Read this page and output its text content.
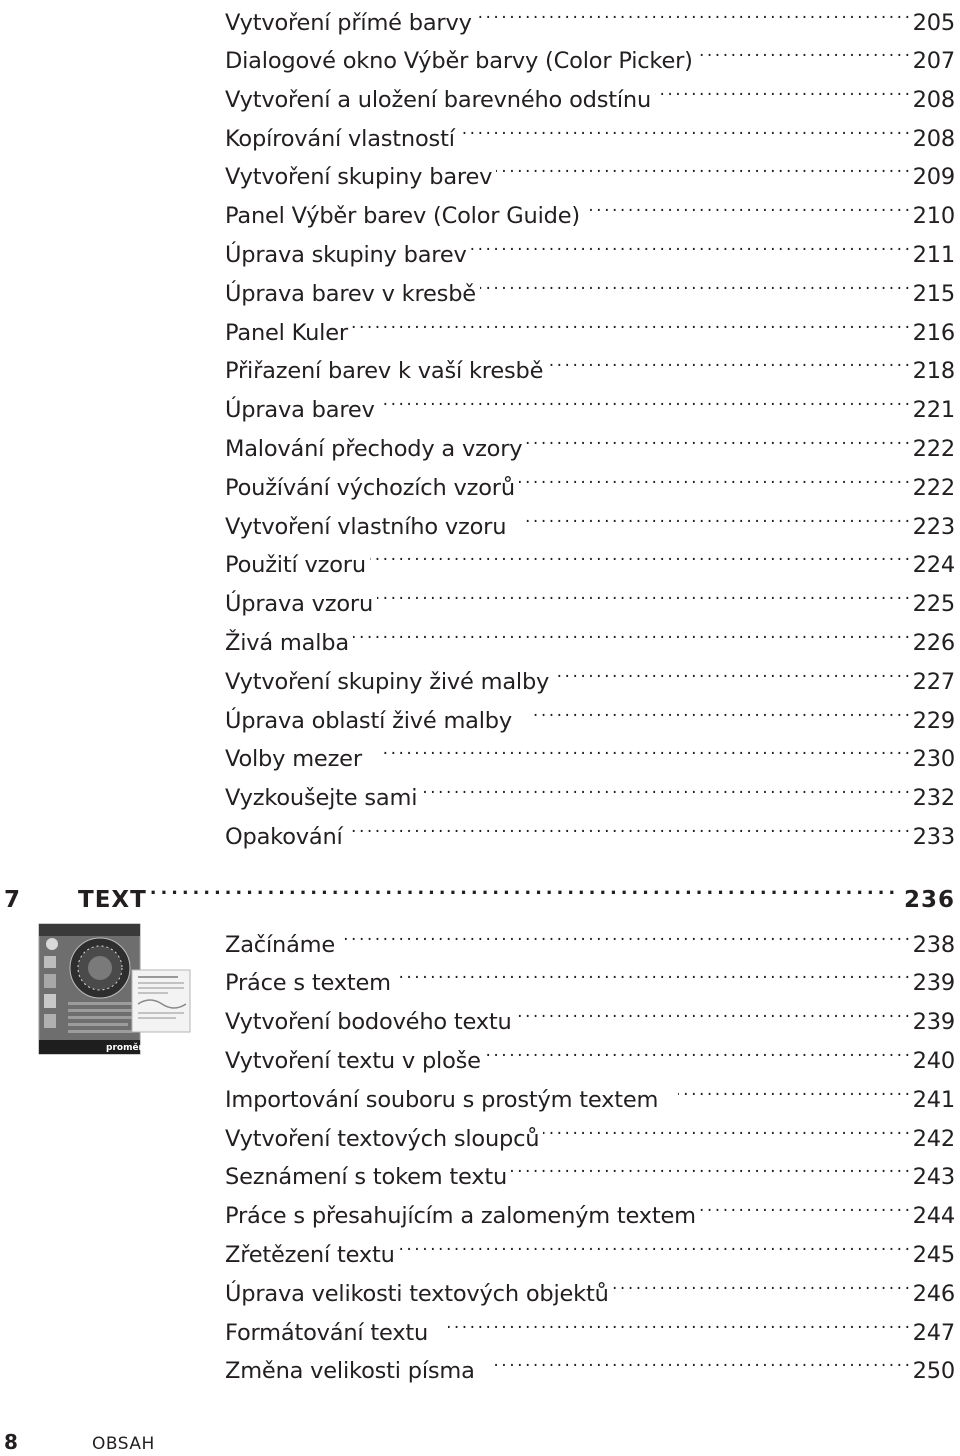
Vytvoření přímé barvy . . .	205
Dialogové okno Výběr barvy (Color Picker) . . .	207
Vytvoření a uložení barevného odstínu . . .	208
Kopírování vlastností . . .	208
Vytvoření skupiny barev . . .	209
Panel Výběr barev (Color Guide) . . .	210
Úprava skupiny barev . . .	211
Úprava barev v kresbě . . .	215
Panel Kuler . . .	216
Přiřazení barev k vaší kresbě . . .	218
Úprava barev . . .	221
Malování přechody a vzory . . .	222
Používání výchozích vzorů . . .	222
Vytvoření vlastního vzoru . . .	223
Použití vzoru . . .	224
Úprava vzoru . . .	225
Živá malba . . .	226
Vytvoření skupiny živé malby . . .	227
Úprava oblastí živé malby . . .	229
Volby mezer . . .	230
Vyzkoušejte sami . . .	232
Opakování . . .	233
7	TEXT . . .	236
proměna
Začínáme . . .	238
Práce s textem . . .	239
Vytvoření bodového textu . . .	239
Vytvoření textu v ploše . . .	240
Importování souboru s prostým textem . . .	241
Vytvoření textových sloupců . . .	242
Seznámení s tokem textu . . .	243
Práce s přesahujícím a zalomeným textem . . .	244
Zřetězení textu . . .	245
Úprava velikosti textových objektů . . .	246
Formátování textu . . .	247
Změna velikosti písma . . .	250
8	OBSAH
